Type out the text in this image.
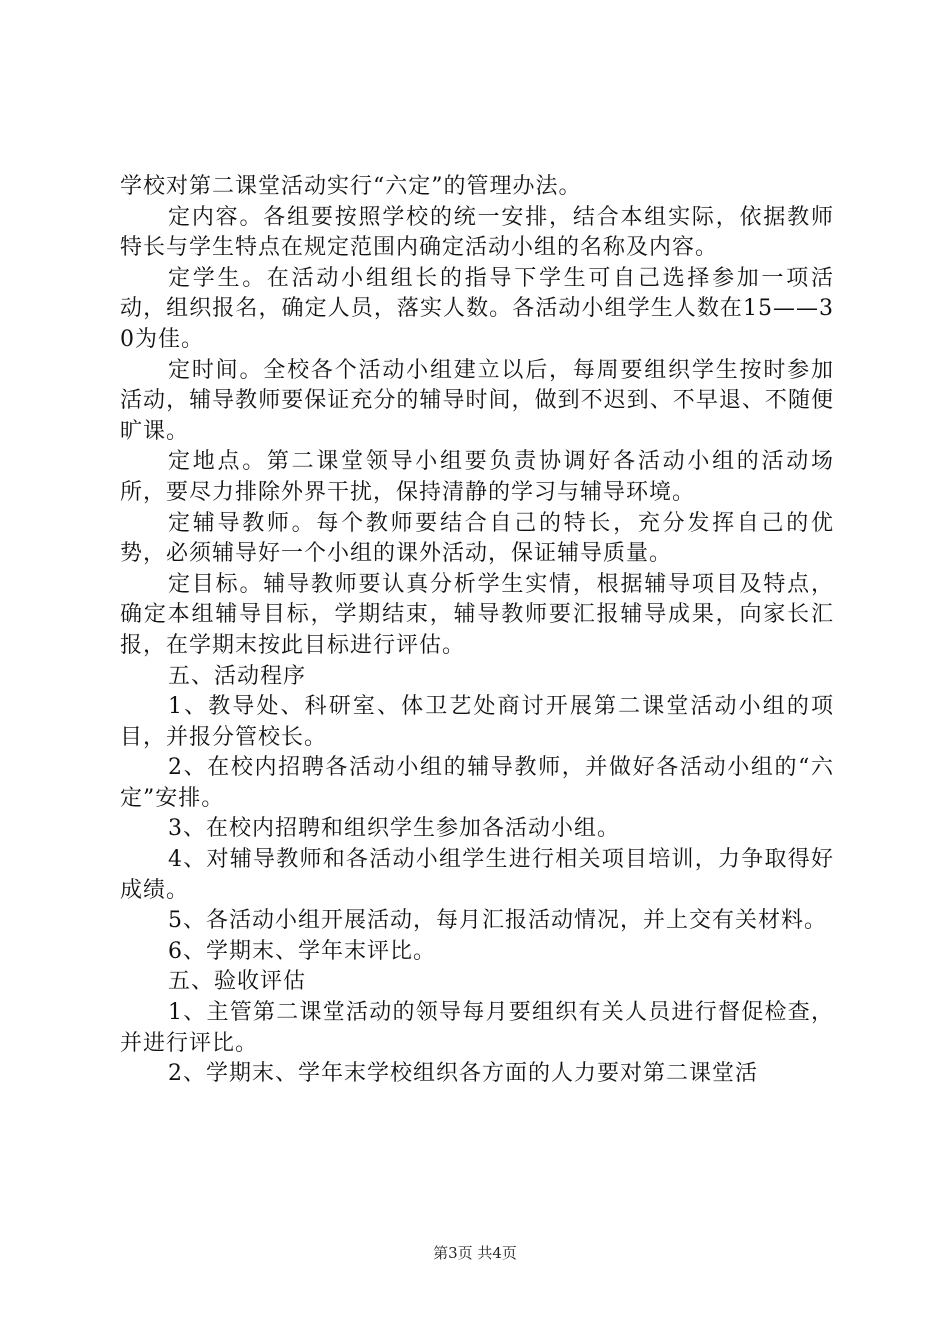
学校对第二课堂活动实行“六定”的管理办法。

定内容。各组要按照学校的统一安排，结合本组实际，依据教师特长与学生特点在规定范围内确定活动小组的名称及内容。

定学生。在活动小组组长的指导下学生可自己选择参加一项活动，组织报名，确定人员，落实人数。各活动小组学生人数在15——30为佳。

定时间。全校各个活动小组建立以后，每周要组织学生按时参加活动，辅导教师要保证充分的辅导时间，做到不迟到、不早退、不随便旷课。

定地点。第二课堂领导小组要负责协调好各活动小组的活动场所，要尽力排除外界干扰，保持清静的学习与辅导环境。

定辅导教师。每个教师要结合自己的特长，充分发挥自己的优势，必须辅导好一个小组的课外活动，保证辅导质量。

定目标。辅导教师要认真分析学生实情，根据辅导项目及特点，确定本组辅导目标，学期结束，辅导教师要汇报辅导成果，向家长汇报，在学期末按此目标进行评估。

五、活动程序

1、教导处、科研室、体卫艺处商讨开展第二课堂活动小组的项目，并报分管校长。

2、在校内招聘各活动小组的辅导教师，并做好各活动小组的“六定”安排。

3、在校内招聘和组织学生参加各活动小组。

4、对辅导教师和各活动小组学生进行相关项目培训，力争取得好成绩。

5、各活动小组开展活动，每月汇报活动情况，并上交有关材料。

6、学期末、学年末评比。

五、验收评估

1、主管第二课堂活动的领导每月要组织有关人员进行督促检查，并进行评比。

2、学期末、学年末学校组织各方面的人力要对第二课堂活

第3页 共4页
